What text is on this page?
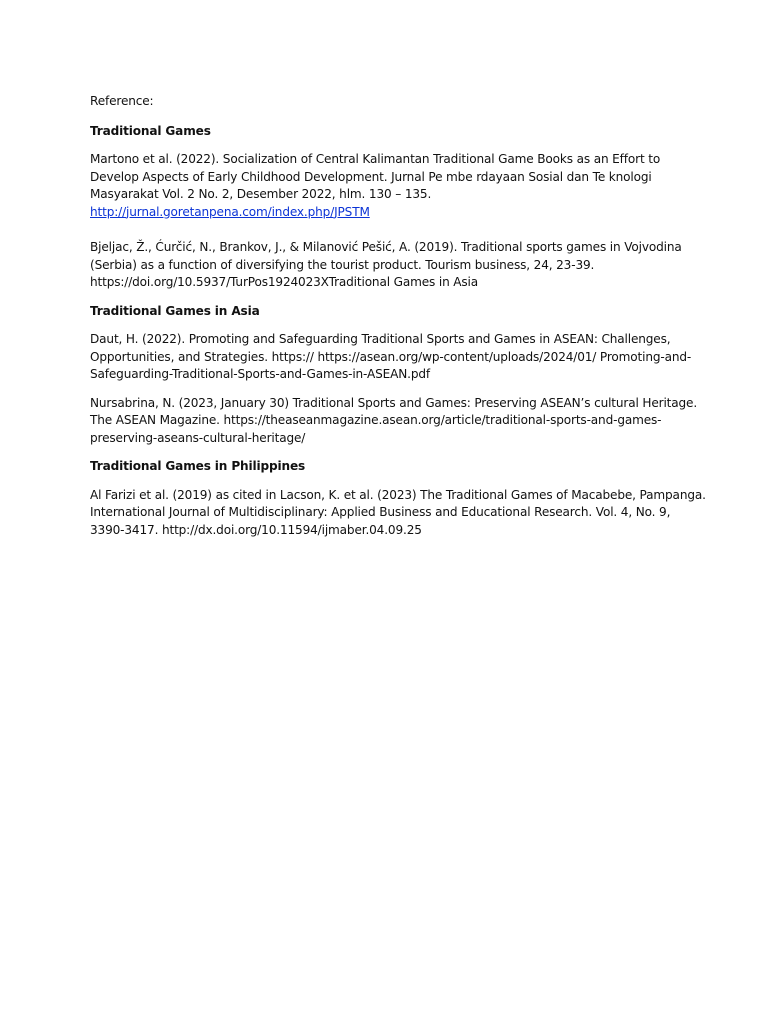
Reference:

Traditional Games

Martono et al. (2022). Socialization of Central Kalimantan Traditional Game Books as an Effort to
Develop Aspects of Early Childhood Development. Jurnal Pe mbe rdayaan Sosial dan Te knologi
Masyarakat Vol. 2 No. 2, Desember 2022, hlm. 130 – 135.
http://jurnal.goretanpena.com/index.php/JPSTM
Bjeljac, Ž., Ćurčić, N., Brankov, J., & Milanović Pešić, A. (2019). Traditional sports games in Vojvodina
(Serbia) as a function of diversifying the tourist product. Tourism business, 24, 23-39.
https://doi.org/10.5937/TurPos1924023XTraditional Games in Asia

Traditional Games in Asia

Daut, H. (2022). Promoting and Safeguarding Traditional Sports and Games in ASEAN: Challenges,
Opportunities, and Strategies. https:// https://asean.org/wp-content/uploads/2024/01/ Promoting-and-
Safeguarding-Traditional-Sports-and-Games-in-ASEAN.pdf
Nursabrina, N. (2023, January 30) Traditional Sports and Games: Preserving ASEAN’s cultural Heritage.
The ASEAN Magazine. https://theaseanmagazine.asean.org/article/traditional-sports-and-games-
preserving-aseans-cultural-heritage/

Traditional Games in Philippines

Al Farizi et al. (2019) as cited in Lacson, K. et al. (2023) The Traditional Games of Macabebe, Pampanga.
International Journal of Multidisciplinary: Applied Business and Educational Research. Vol. 4, No. 9,
3390-3417. http://dx.doi.org/10.11594/ijmaber.04.09.25
